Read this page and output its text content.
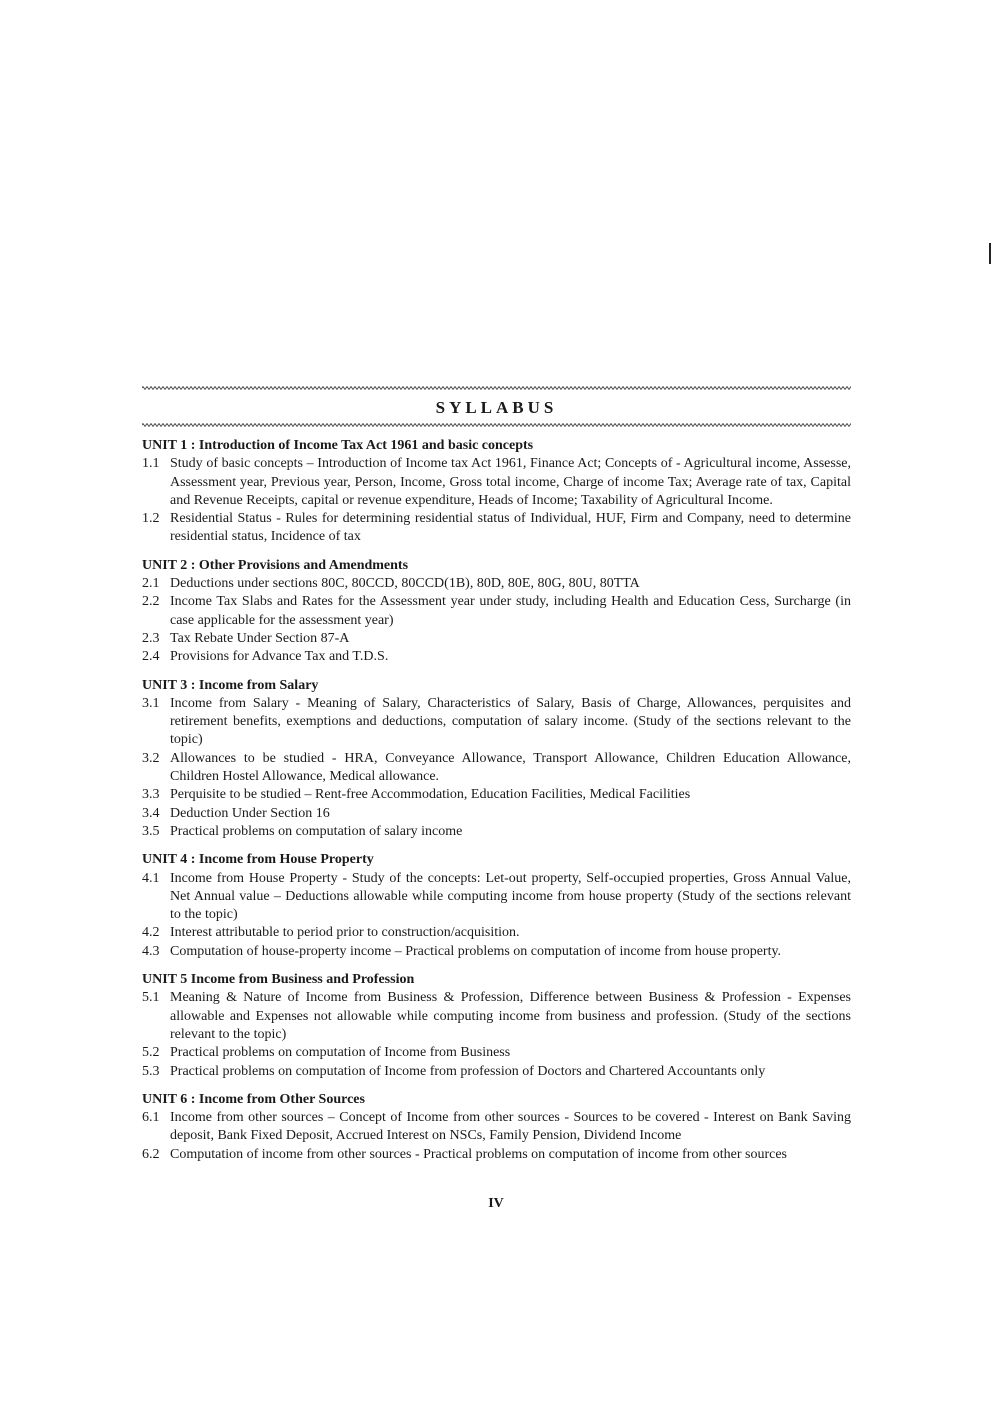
SYLLABUS
UNIT 1 : Introduction of Income Tax Act 1961 and basic concepts
1.1 Study of basic concepts – Introduction of Income tax Act 1961, Finance Act; Concepts of - Agricultural income, Assesse, Assessment year, Previous year, Person, Income, Gross total income, Charge of income Tax; Average rate of tax, Capital and Revenue Receipts, capital or revenue expenditure, Heads of Income; Taxability of Agricultural Income.
1.2 Residential Status - Rules for determining residential status of Individual, HUF, Firm and Company, need to determine residential status, Incidence of tax
UNIT 2 : Other Provisions and Amendments
2.1 Deductions under sections 80C, 80CCD, 80CCD(1B), 80D, 80E, 80G, 80U, 80TTA
2.2 Income Tax Slabs and Rates for the Assessment year under study, including Health and Education Cess, Surcharge (in case applicable for the assessment year)
2.3 Tax Rebate Under Section 87-A
2.4 Provisions for Advance Tax and T.D.S.
UNIT 3 : Income from Salary
3.1 Income from Salary - Meaning of Salary, Characteristics of Salary, Basis of Charge, Allowances, perquisites and retirement benefits, exemptions and deductions, computation of salary income. (Study of the sections relevant to the topic)
3.2 Allowances to be studied - HRA, Conveyance Allowance, Transport Allowance, Children Education Allowance, Children Hostel Allowance, Medical allowance.
3.3 Perquisite to be studied – Rent-free Accommodation, Education Facilities, Medical Facilities
3.4 Deduction Under Section 16
3.5 Practical problems on computation of salary income
UNIT 4 : Income from House Property
4.1 Income from House Property - Study of the concepts: Let-out property, Self-occupied properties, Gross Annual Value, Net Annual value – Deductions allowable while computing income from house property (Study of the sections relevant to the topic)
4.2 Interest attributable to period prior to construction/acquisition.
4.3 Computation of house-property income – Practical problems on computation of income from house property.
UNIT 5 Income from Business and Profession
5.1 Meaning & Nature of Income from Business & Profession, Difference between Business & Profession - Expenses allowable and Expenses not allowable while computing income from business and profession. (Study of the sections relevant to the topic)
5.2 Practical problems on computation of Income from Business
5.3 Practical problems on computation of Income from profession of Doctors and Chartered Accountants only
UNIT 6 : Income from Other Sources
6.1 Income from other sources – Concept of Income from other sources - Sources to be covered - Interest on Bank Saving deposit, Bank Fixed Deposit, Accrued Interest on NSCs, Family Pension, Dividend Income
6.2 Computation of income from other sources - Practical problems on computation of income from other sources
IV
